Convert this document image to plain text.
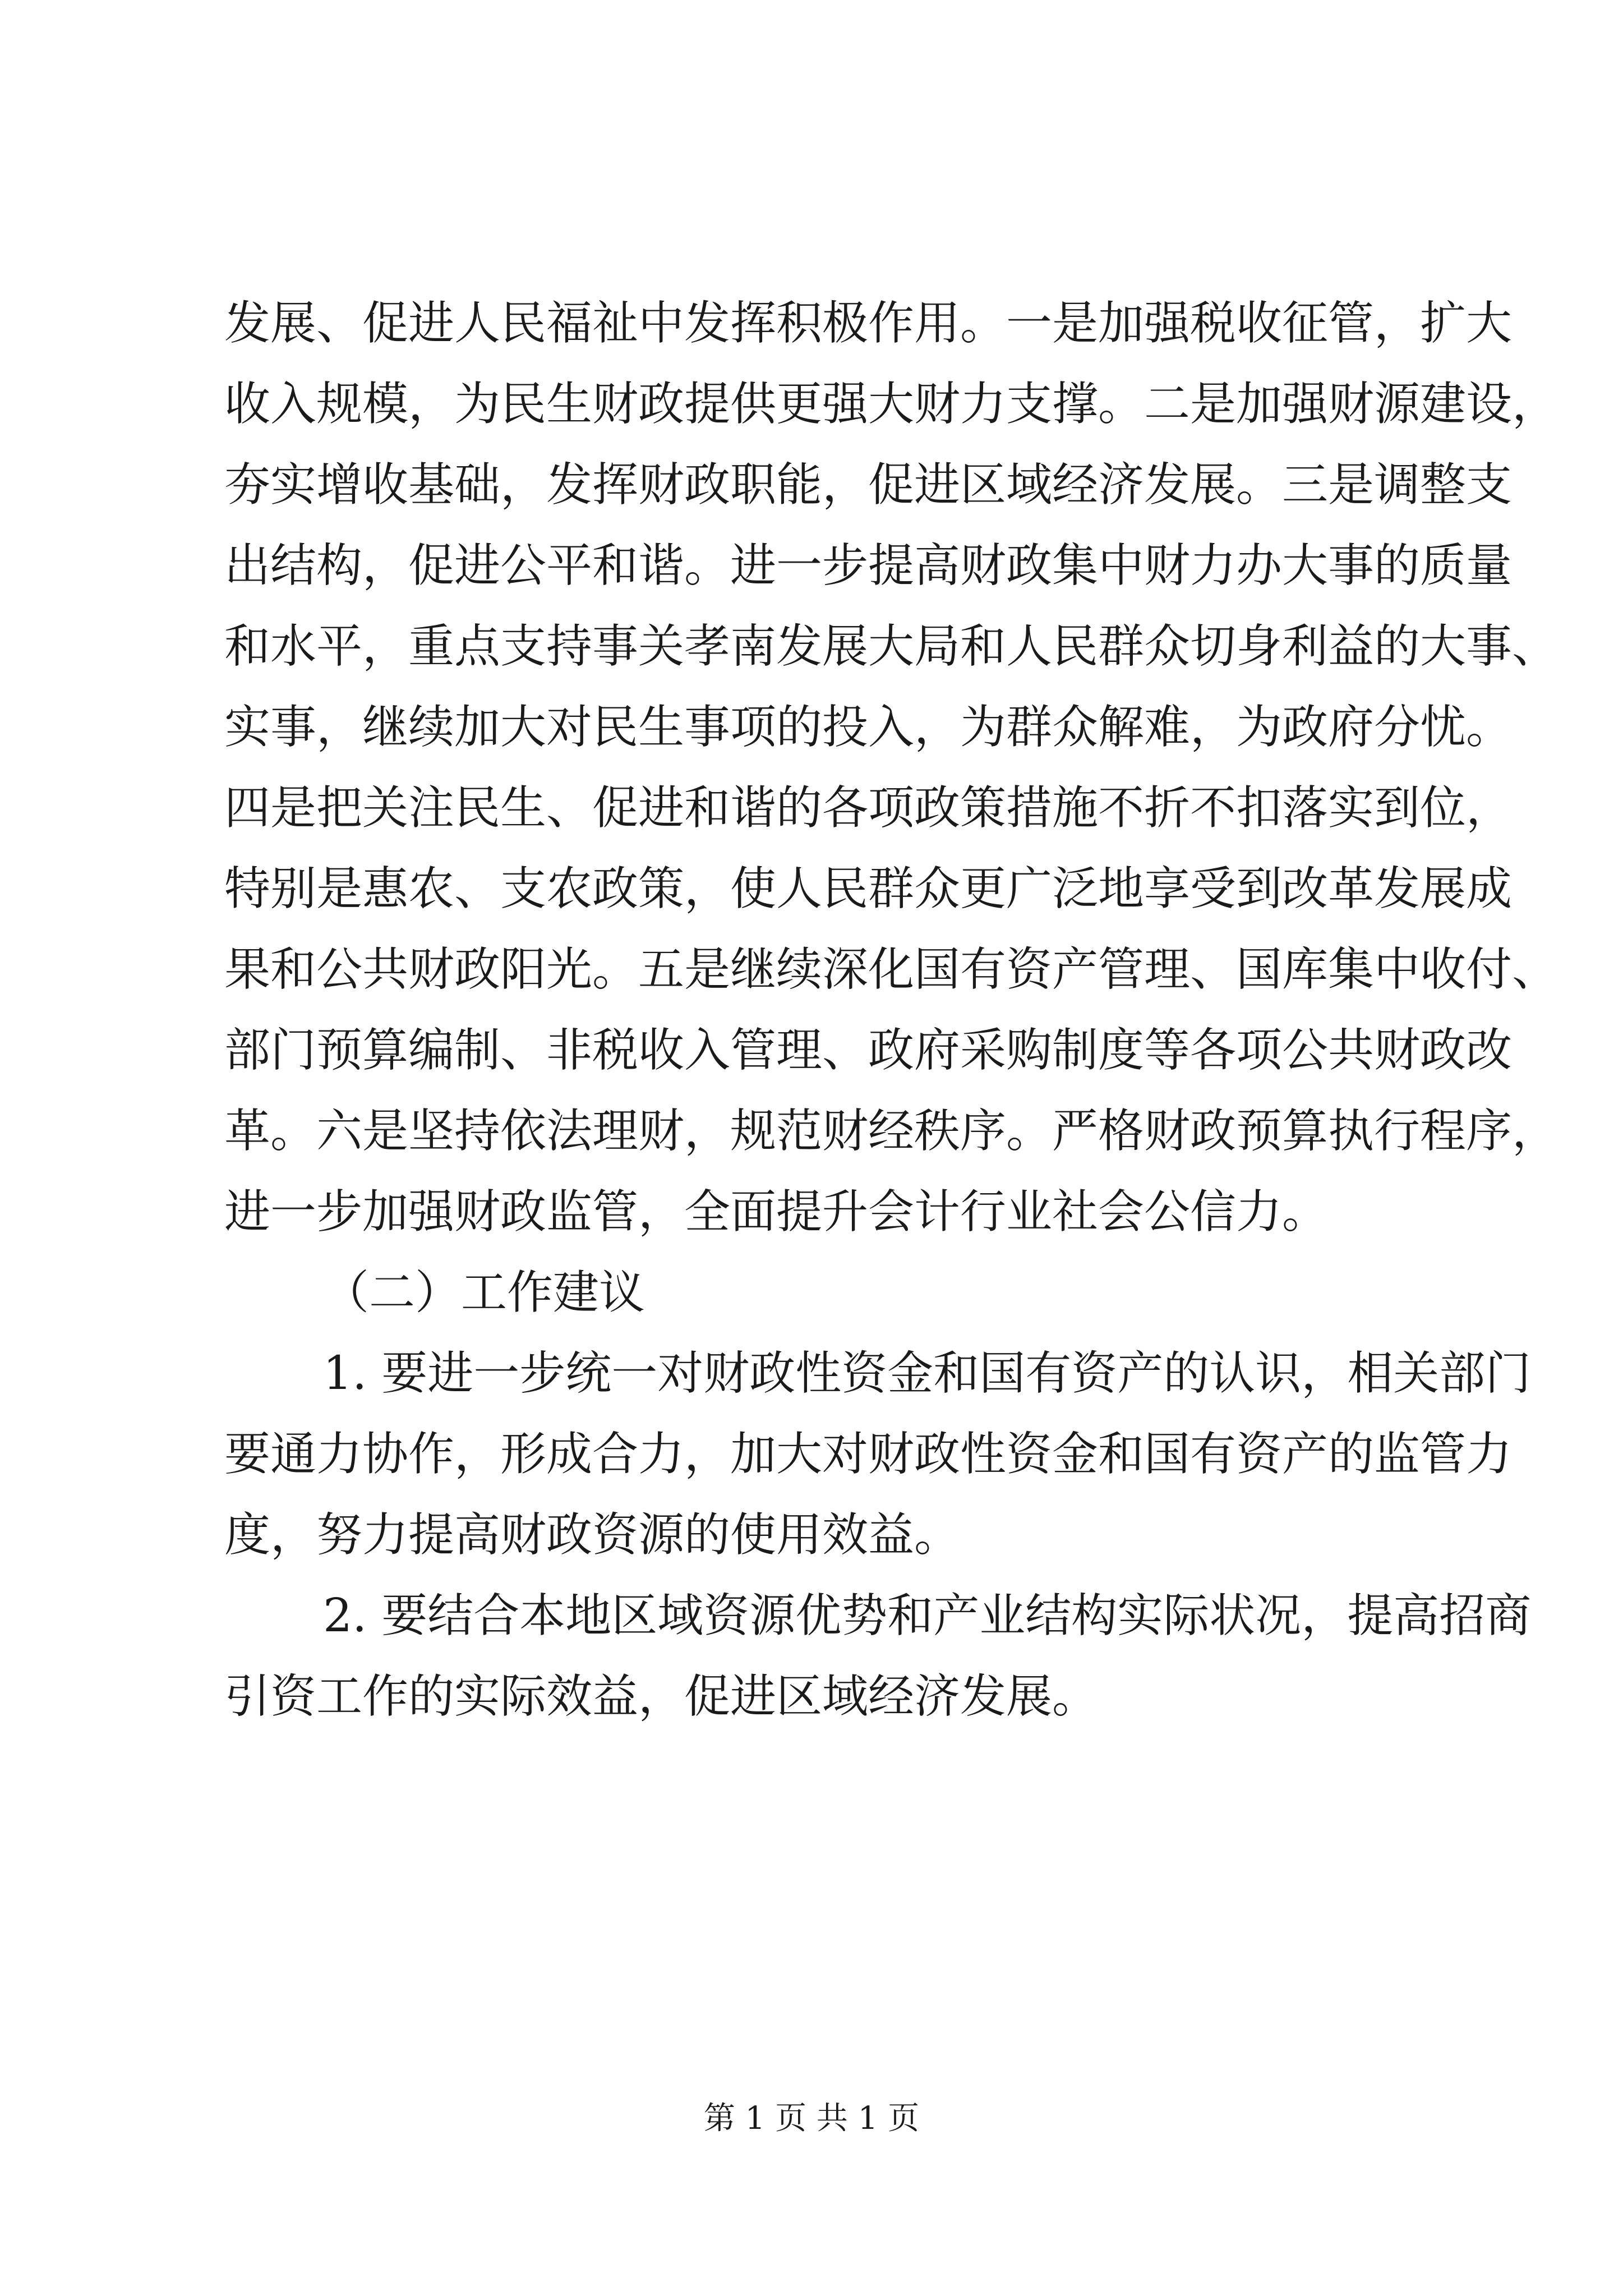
发展、促进人民福祉中发挥积极作用。一是加强税收征管，扩大
收入规模，为民生财政提供更强大财力支撑。二是加强财源建设，
夯实增收基础，发挥财政职能，促进区域经济发展。三是调整支
出结构，促进公平和谐。进一步提高财政集中财力办大事的质量
和水平，重点支持事关孝南发展大局和人民群众切身利益的大事、
实事，继续加大对民生事项的投入，为群众解难，为政府分忧。
四是把关注民生、促进和谐的各项政策措施不折不扣落实到位，
特别是惠农、支农政策，使人民群众更广泛地享受到改革发展成
果和公共财政阳光。五是继续深化国有资产管理、国库集中收付、
部门预算编制、非税收入管理、政府采购制度等各项公共财政改
革。六是坚持依法理财，规范财经秩序。严格财政预算执行程序，
进一步加强财政监管，全面提升会计行业社会公信力。
（二）工作建议
1. 要进一步统一对财政性资金和国有资产的认识，相关部门
要通力协作，形成合力，加大对财政性资金和国有资产的监管力
度，努力提高财政资源的使用效益。
2. 要结合本地区域资源优势和产业结构实际状况，提高招商
引资工作的实际效益，促进区域经济发展。
第 1 页 共 1 页
